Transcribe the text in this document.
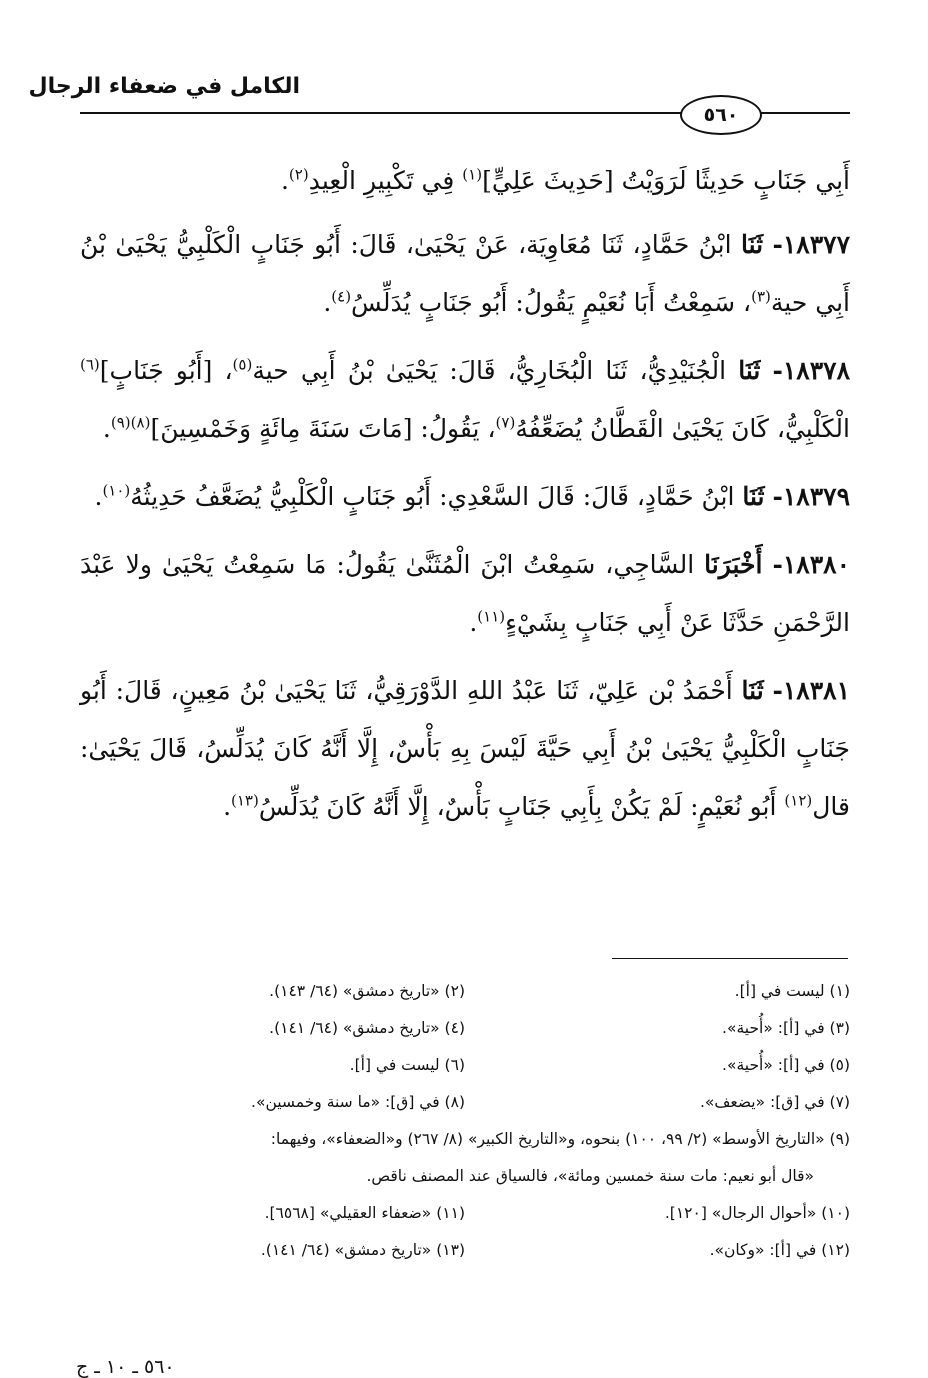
الكامل في ضعفاء الرجال
٥٦٠

أَبِي جَنَابٍ حَدِيثًا لَرَوَيْتُ [حَدِيثَ عَلِيٍّ]$^{(١)}$ فِي تَكْبِيرِ الْعِيدِ$^{(٢)}$.

١٨٣٧٧- ثَنَا ابْنُ حَمَّادٍ، ثَنَا مُعَاوِيَة، عَنْ يَحْيَىٰ، قَالَ: أَبُو جَنَابٍ الْكَلْبِيُّ يَحْيَىٰ بْنُ أَبِي حية$^{(٣)}$، سَمِعْتُ أَبَا نُعَيْمٍ يَقُولُ: أَبُو جَنَابٍ يُدَلِّسُ$^{(٤)}$.

١٨٣٧٨- ثَنَا الْجُنَيْدِيُّ، ثَنَا الْبُخَارِيُّ، قَالَ: يَحْيَىٰ بْنُ أَبِي حية$^{(٥)}$، [أَبُو جَنَابٍ]$^{(٦)}$ الْكَلْبِيُّ، كَانَ يَحْيَىٰ الْقَطَّانُ يُضَعِّفُهُ$^{(٧)}$، يَقُولُ: [مَاتَ سَنَةَ مِائَةٍ وَخَمْسِينَ]$^{(٨)(٩)}$.

١٨٣٧٩- ثَنَا ابْنُ حَمَّادٍ، قَالَ: قَالَ السَّعْدِي: أَبُو جَنَابٍ الْكَلْبِيُّ يُضَعَّفُ حَدِيثُهُ$^{(١٠)}$.

١٨٣٨٠- أَخْبَرَنَا السَّاجِي، سَمِعْتُ ابْنَ الْمُثَنَّىٰ يَقُولُ: مَا سَمِعْتُ يَحْيَىٰ ولا عَبْدَ الرَّحْمَنِ حَدَّثَا عَنْ أَبِي جَنَابٍ بِشَيْءٍ$^{(١١)}$.

١٨٣٨١- ثَنَا أَحْمَدُ بْن عَلِيّ، ثَنَا عَبْدُ اللهِ الدَّوْرَقِيُّ، ثَنَا يَحْيَىٰ بْنُ مَعِينٍ، قَالَ: أَبُو جَنَابٍ الْكَلْبِيُّ يَحْيَىٰ بْنُ أَبِي حَيَّةَ لَيْسَ بِهِ بَأْسٌ، إِلَّا أَنَّهُ كَانَ يُدَلِّسُ، قَالَ يَحْيَىٰ: قال$^{(١٢)}$ أَبُو نُعَيْمٍ: لَمْ يَكُنْ بِأَبِي جَنَابٍ بَأْسٌ، إِلَّا أَنَّهُ كَانَ يُدَلِّسُ$^{(١٣)}$.

(١) ليست في [أ].
(٢) «تاريخ دمشق» (٦٤/ ١٤٣).
(٣) في [أ]: «أُحية».
(٤) «تاريخ دمشق» (٦٤/ ١٤١).
(٥) في [أ]: «أُحية».
(٦) ليست في [أ].
(٧) في [ق]: «يضعف».
(٨) في [ق]: «ما سنة وخمسين».
(٩) «التاريخ الأوسط» (٢/ ٩٩، ١٠٠) بنحوه، و«التاريخ الكبير» (٨/ ٢٦٧) و«الضعفاء»، وفيهما:
«قال أبو نعيم: مات سنة خمسين ومائة»، فالسياق عند المصنف ناقص.
(١٠) «أحوال الرجال» [١٢٠].
(١١) «ضعفاء العقيلي» [٦٥٦٨].
(١٢) في [أ]: «وكان».
(١٣) «تاريخ دمشق» (٦٤/ ١٤١).
٥٦٠ ـ ١٠ ـ ج
